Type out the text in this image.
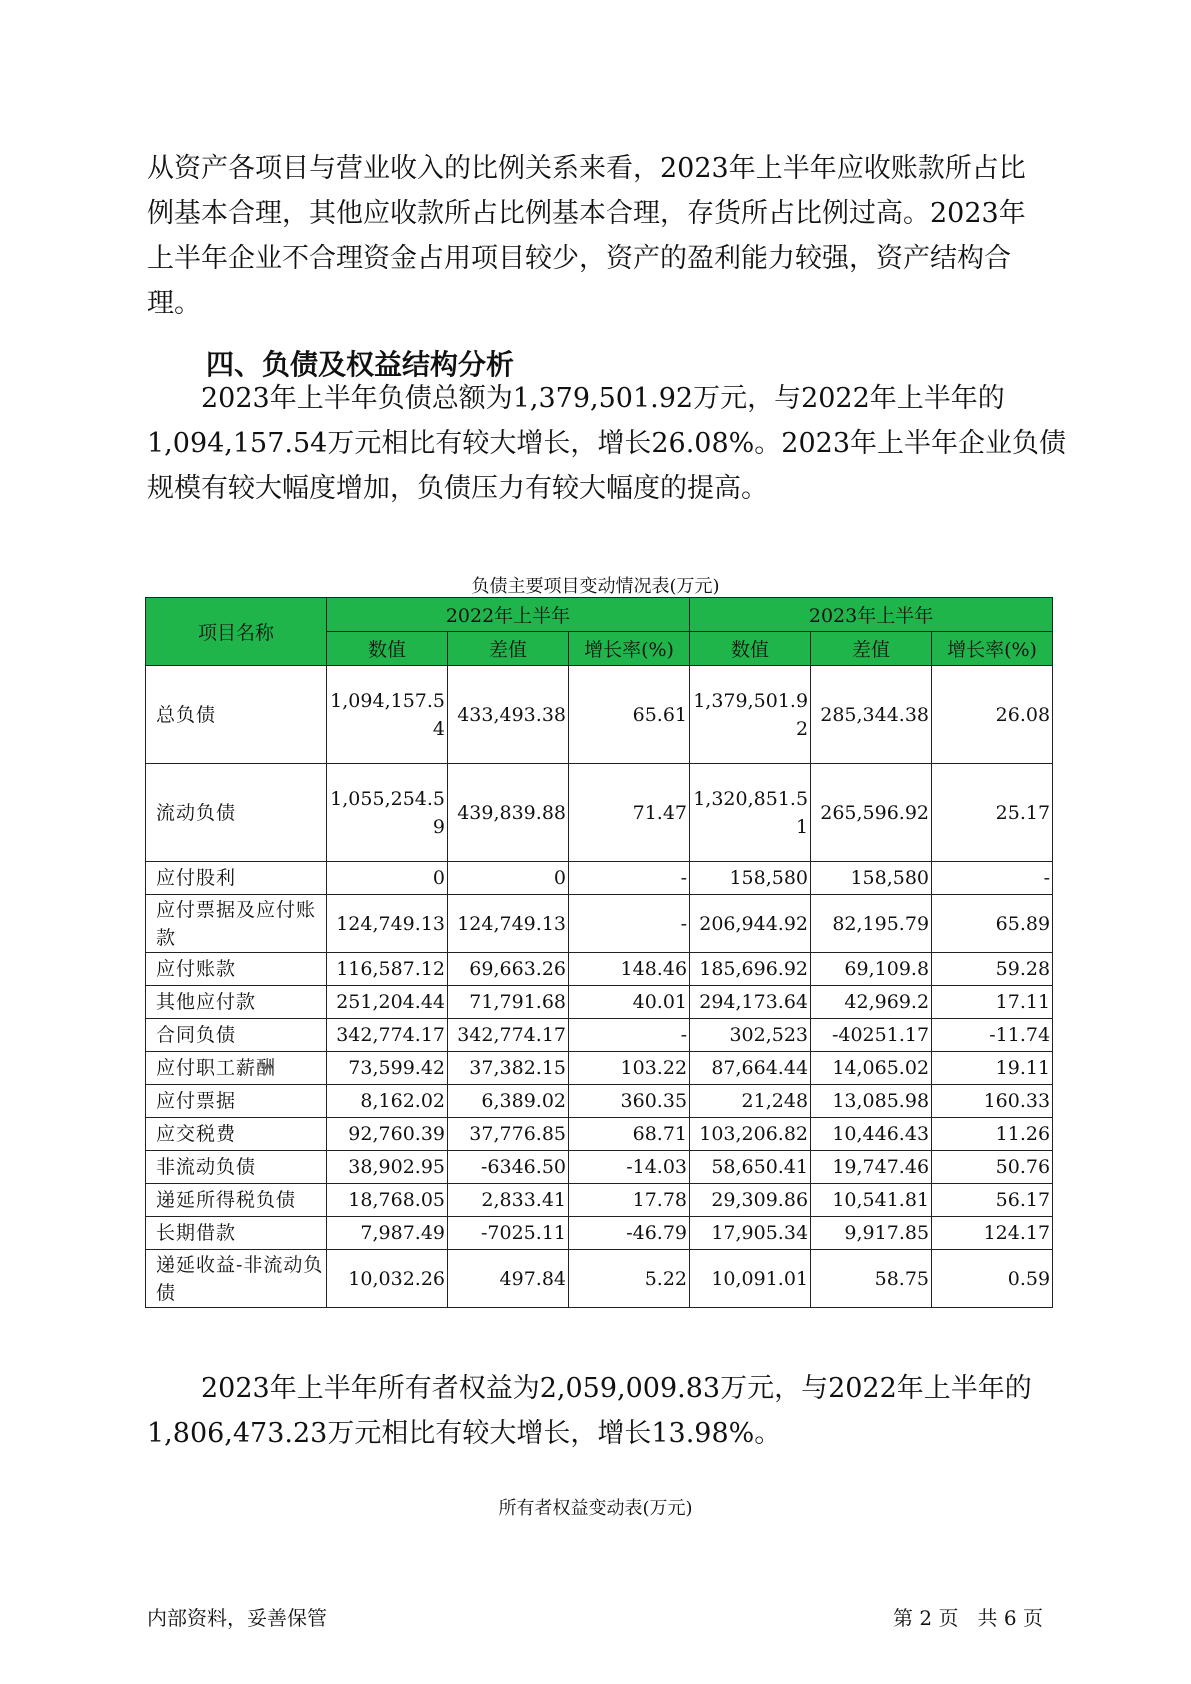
从资产各项目与营业收入的比例关系来看，2023年上半年应收账款所占比
例基本合理，其他应收款所占比例基本合理，存货所占比例过高。2023年
上半年企业不合理资金占用项目较少，资产的盈利能力较强，资产结构合
理。
四、负债及权益结构分析
2023年上半年负债总额为1,379,501.92万元，与2022年上半年的
1,094,157.54万元相比有较大增长，增长26.08%。2023年上半年企业负债
规模有较大幅度增加，负债压力有较大幅度的提高。

负债主要项目变动情况表(万元)

项目名称	2022年上半年			2023年上半年		
	数值	差值	增长率(%)	数值	差值	增长率(%)
总负债	1,094,157.54	433,493.38	65.61	1,379,501.92	285,344.38	26.08
流动负债	1,055,254.59	439,839.88	71.47	1,320,851.51	265,596.92	25.17
应付股利	0	0	-	158,580	158,580	-
应付票据及应付账款	124,749.13	124,749.13	-	206,944.92	82,195.79	65.89
应付账款	116,587.12	69,663.26	148.46	185,696.92	69,109.8	59.28
其他应付款	251,204.44	71,791.68	40.01	294,173.64	42,969.2	17.11
合同负债	342,774.17	342,774.17	-	302,523	-40251.17	-11.74
应付职工薪酬	73,599.42	37,382.15	103.22	87,664.44	14,065.02	19.11
应付票据	8,162.02	6,389.02	360.35	21,248	13,085.98	160.33
应交税费	92,760.39	37,776.85	68.71	103,206.82	10,446.43	11.26
非流动负债	38,902.95	-6346.50	-14.03	58,650.41	19,747.46	50.76
递延所得税负债	18,768.05	2,833.41	17.78	29,309.86	10,541.81	56.17
长期借款	7,987.49	-7025.11	-46.79	17,905.34	9,917.85	124.17
递延收益-非流动负债	10,032.26	497.84	5.22	10,091.01	58.75	0.59
2023年上半年所有者权益为2,059,009.83万元，与2022年上半年的
1,806,473.23万元相比有较大增长，增长13.98%。

所有者权益变动表(万元)

内部资料，妥善保管	第 2 页   共 6 页
